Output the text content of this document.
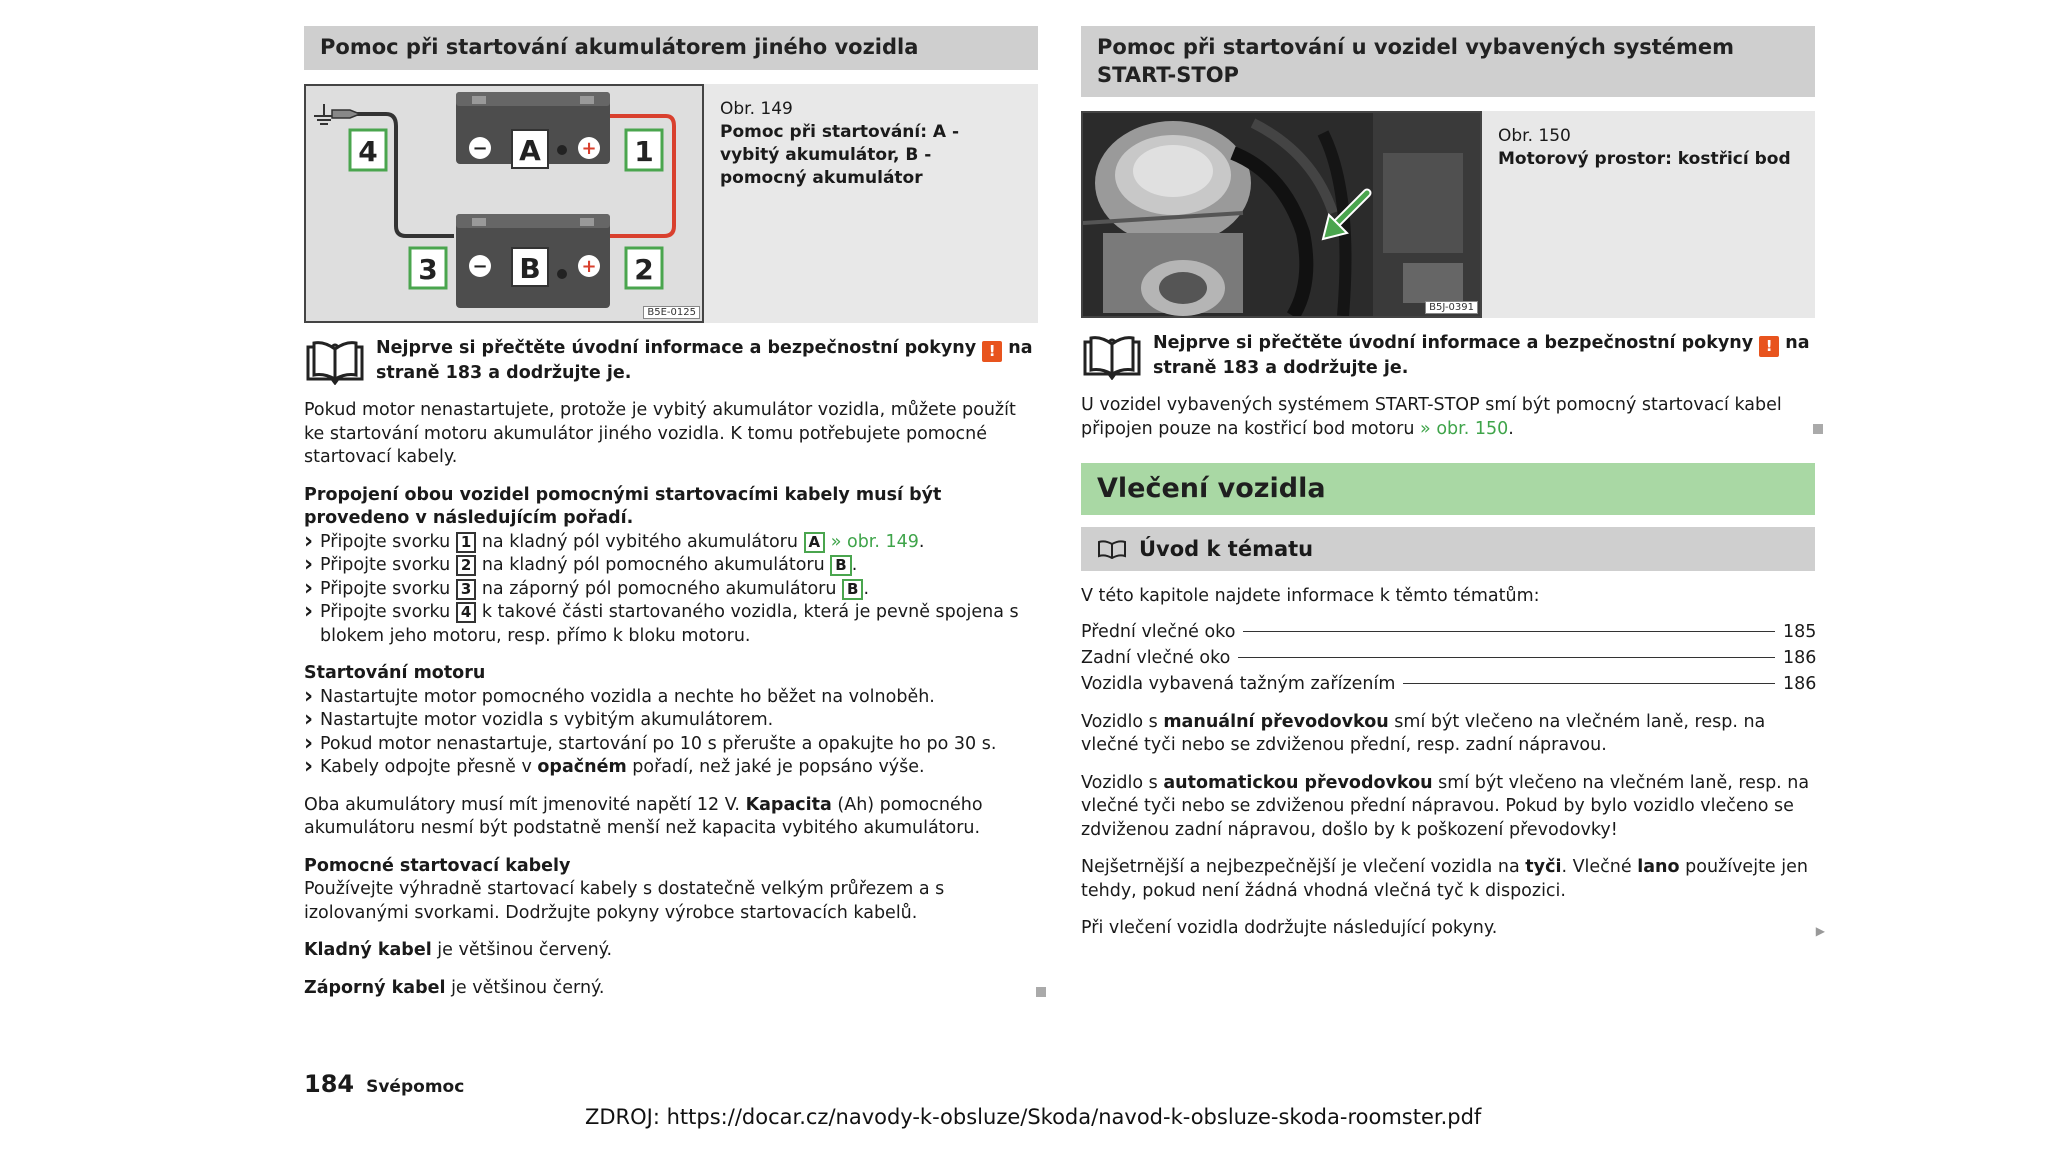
Pomoc při startování akumulátorem jiného vozidla
−	+
−	+
A
B
4	1
3	2
B5E-0125
Obr. 149
Pomoc při startování: A - vybitý akumulátor, B - pomocný akumulátor
Nejprve si přečtěte úvodní informace a bezpečnostní pokyny ! na straně 183 a dodržujte je.

Pokud motor nenastartujete, protože je vybitý akumulátor vozidla, můžete použít ke startování motoru akumulátor jiného vozidla. K tomu potřebujete pomocné startovací kabely.

Propojení obou vozidel pomocnými startovacími kabely musí být provedeno v následujícím pořadí.
› Připojte svorku 1 na kladný pól vybitého akumulátoru A » obr. 149.
› Připojte svorku 2 na kladný pól pomocného akumulátoru B .
› Připojte svorku 3 na záporný pól pomocného akumulátoru B .
› Připojte svorku 4 k takové části startovaného vozidla, která je pevně spojena s blokem jeho motoru, resp. přímo k bloku motoru.
Startování motoru
› Nastartujte motor pomocného vozidla a nechte ho běžet na volnoběh.
› Nastartujte motor vozidla s vybitým akumulátorem.
› Pokud motor nenastartuje, startování po 10 s přerušte a opakujte ho po 30 s.
› Kabely odpojte přesně v opačném pořadí, než jaké je popsáno výše.

Oba akumulátory musí mít jmenovité napětí 12 V. Kapacita (Ah) pomocného akumulátoru nesmí být podstatně menší než kapacita vybitého akumulátoru.

Pomocné startovací kabely

Používejte výhradně startovací kabely s dostatečně velkým průřezem a s izolovanými svorkami. Dodržujte pokyny výrobce startovacích kabelů.

Kladný kabel je většinou červený.

Záporný kabel je většinou černý.

Pomoc při startování u vozidel vybavených systémem START-STOP
B5J-0391
Obr. 150
Motorový prostor: kostřicí bod
Nejprve si přečtěte úvodní informace a bezpečnostní pokyny ! na straně 183 a dodržujte je.

U vozidel vybavených systémem START-STOP smí být pomocný startovací kabel připojen pouze na kostřicí bod motoru » obr. 150.

Vlečení vozidla
Úvod k tématu

V této kapitole najdete informace k těmto tématům:

Přední vlečné oko	185
Zadní vlečné oko	186
Vozidla vybavená tažným zařízením	186

Vozidlo s manuální převodovkou smí být vlečeno na vlečném laně, resp. na vlečné tyči nebo se zdviženou přední, resp. zadní nápravou.

Vozidlo s automatickou převodovkou smí být vlečeno na vlečném laně, resp. na vlečné tyči nebo se zdviženou přední nápravou. Pokud by bylo vozidlo vlečeno se zdviženou zadní nápravou, došlo by k poškození převodovky!

Nejšetrnější a nejbezpečnější je vlečení vozidla na tyči. Vlečné lano používejte jen tehdy, pokud není žádná vhodná vlečná tyč k dispozici.

Při vlečení vozidla dodržujte následující pokyny.	▶

184 Svépomoc
ZDROJ: https://docar.cz/navody-k-obsluze/Skoda/navod-k-obsluze-skoda-roomster.pdf
